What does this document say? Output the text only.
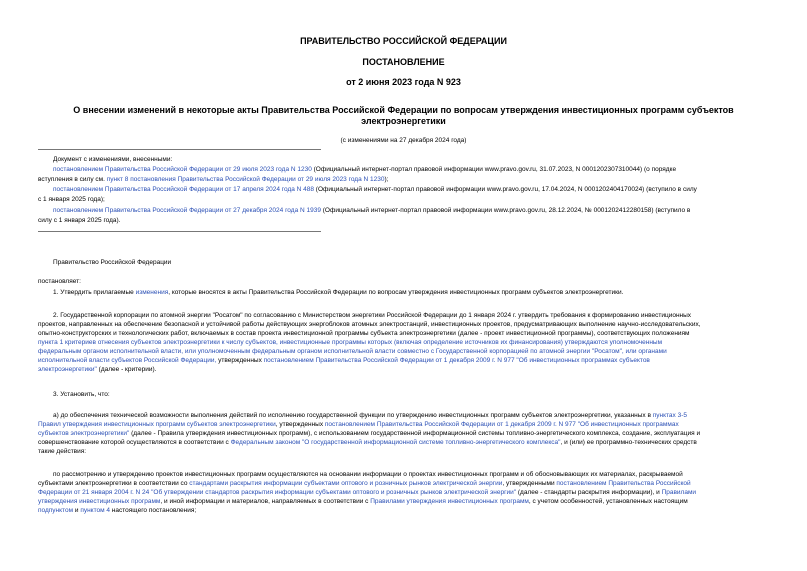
ПРАВИТЕЛЬСТВО РОССИЙСКОЙ ФЕДЕРАЦИИ
ПОСТАНОВЛЕНИЕ
от 2 июня 2023 года N 923
О внесении изменений в некоторые акты Правительства Российской Федерации по вопросам утверждения инвестиционных программ субъектов
электроэнергетики
(с изменениями на 27 декабря 2024 года)
Документ с изменениями, внесенными:
постановлением Правительства Российской Федерации от 29 июля 2023 года N 1230 (Официальный интернет-портал правовой информации www.pravo.gov.ru, 31.07.2023, N 0001202307310044) (о порядке
вступления в силу см. пункт 8 постановления Правительства Российской Федерации от 29 июля 2023 года N 1230);
постановлением Правительства Российской Федерации от 17 апреля 2024 года N 488 (Официальный интернет-портал правовой информации www.pravo.gov.ru, 17.04.2024, N 0001202404170024) (вступило в силу
с 1 января 2025 года);
постановлением Правительства Российской Федерации от 27 декабря 2024 года N 1939 (Официальный интернет-портал правовой информации www.pravo.gov.ru, 28.12.2024, № 0001202412280158) (вступило в
силу с 1 января 2025 года).
Правительство Российской Федерации
постановляет:
1. Утвердить прилагаемые изменения, которые вносятся в акты Правительства Российской Федерации по вопросам утверждения инвестиционных программ субъектов электроэнергетики.
2. Государственной корпорации по атомной энергии "Росатом" по согласованию с Министерством энергетики Российской Федерации до 1 января 2024 г. утвердить требования к формированию инвестиционных
проектов, направленных на обеспечение безопасной и устойчивой работы действующих энергоблоков атомных электростанций, инвестиционных проектов, предусматривающих выполнение научно-исследовательских,
опытно-конструкторских и технологических работ, включаемых в состав проекта инвестиционной программы субъекта электроэнергетики (далее - проект инвестиционной программы), соответствующих положениям
пункта 1 критериев отнесения субъектов электроэнергетики к числу субъектов, инвестиционные программы которых (включая определение источников их финансирования) утверждаются уполномоченным
федеральным органом исполнительной власти, или уполномоченным федеральным органом исполнительной власти совместно с Государственной корпорацией по атомной энергии "Росатом", или органами
исполнительной власти субъектов Российской Федерации, утвержденных постановлением Правительства Российской Федерации от 1 декабря 2009 г. N 977 "Об инвестиционных программах субъектов
электроэнергетики" (далее - критерии).
3. Установить, что:
а) до обеспечения технической возможности выполнения действий по исполнению государственной функции по утверждению инвестиционных программ субъектов электроэнергетики, указанных в пунктах 3-5
Правил утверждения инвестиционных программ субъектов электроэнергетики, утвержденных постановлением Правительства Российской Федерации от 1 декабря 2009 г. N 977 "Об инвестиционных программах
субъектов электроэнергетики" (далее - Правила утверждения инвестиционных программ), с использованием государственной информационной системы топливно-энергетического комплекса, создание, эксплуатация и
совершенствование которой осуществляются в соответствии с Федеральным законом "О государственной информационной системе топливно-энергетического комплекса", и (или) ее программно-технических средств
такие действия:
по рассмотрению и утверждению проектов инвестиционных программ осуществляются на основании информации о проектах инвестиционных программ и об обосновывающих их материалах, раскрываемой
субъектами электроэнергетики в соответствии со стандартами раскрытия информации субъектами оптового и розничных рынков электрической энергии, утвержденными постановлением Правительства Российской
Федерации от 21 января 2004 г. N 24 "Об утверждении стандартов раскрытия информации субъектами оптового и розничных рынков электрической энергии" (далее - стандарты раскрытия информации), и Правилами
утверждения инвестиционных программ, и иной информации и материалов, направляемых в соответствии с Правилами утверждения инвестиционных программ, с учетом особенностей, установленных настоящим
подпунктом и пунктом 4 настоящего постановления;
